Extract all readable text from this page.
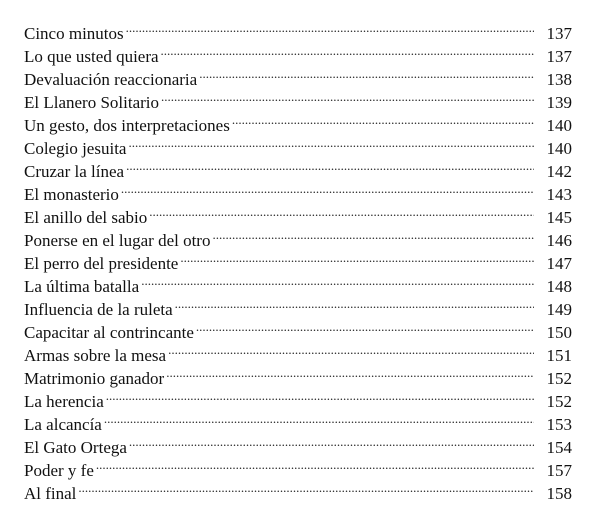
Cinco minutos .....	137
Lo que usted quiera .....	137
Devaluación reaccionaria .....	138
El Llanero Solitario .....	139
Un gesto, dos interpretaciones .....	140
Colegio jesuita .....	140
Cruzar la línea .....	142
El monasterio .....	143
El anillo del sabio .....	145
Ponerse en el lugar del otro .....	146
El perro del presidente .....	147
La última batalla .....	148
Influencia de la ruleta .....	149
Capacitar al contrincante .....	150
Armas sobre la mesa .....	151
Matrimonio ganador .....	152
La herencia .....	152
La alcancía .....	153
El Gato Ortega .....	154
Poder y fe .....	157
Al final .....	158
